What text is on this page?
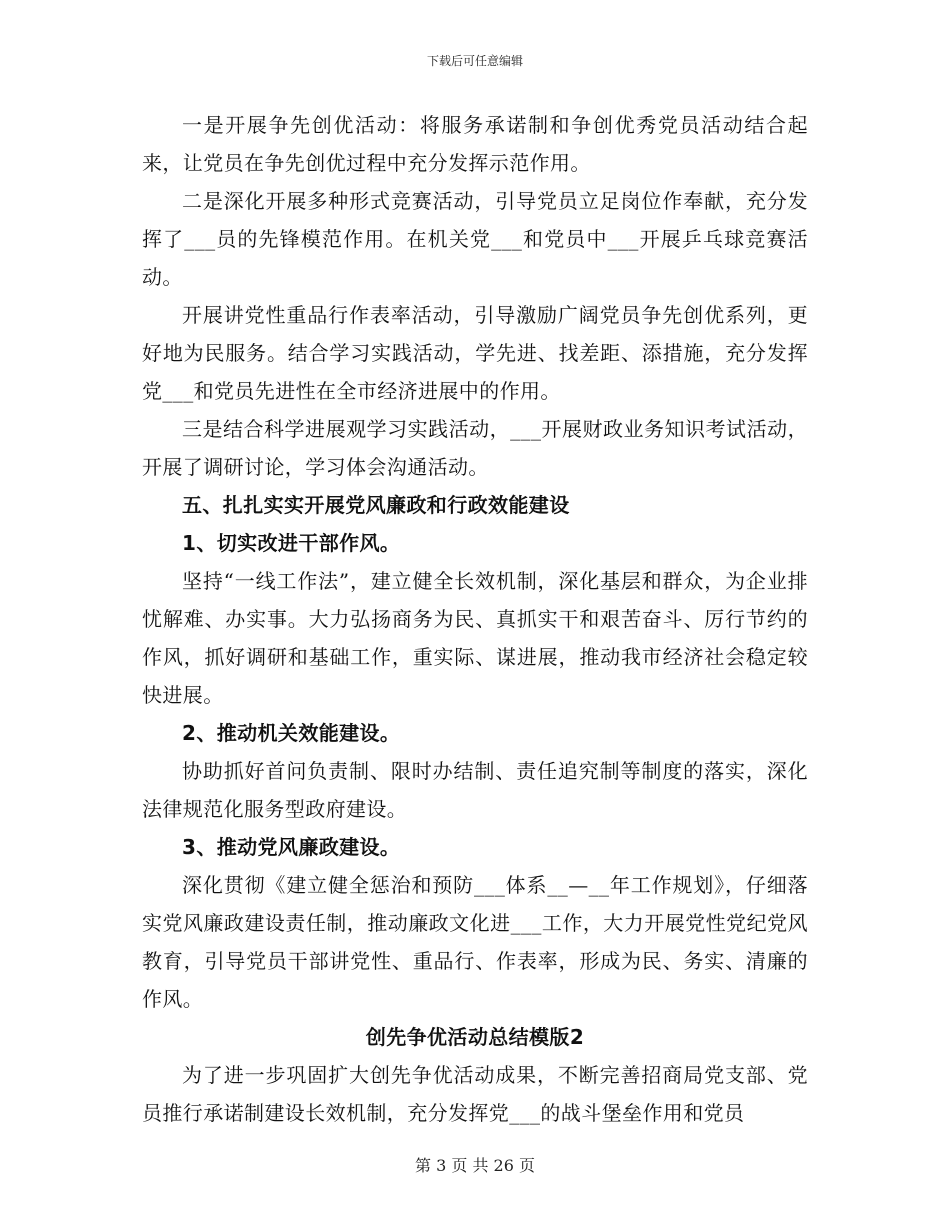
下载后可任意编辑

一是开展争先创优活动：将服务承诺制和争创优秀党员活动结合起来，让党员在争先创优过程中充分发挥示范作用。

二是深化开展多种形式竞赛活动，引导党员立足岗位作奉献，充分发挥了___员的先锋模范作用。在机关党___和党员中___开展乒乓球竞赛活动。

开展讲党性重品行作表率活动，引导激励广阔党员争先创优系列，更好地为民服务。结合学习实践活动，学先进、找差距、添措施，充分发挥党___和党员先进性在全市经济进展中的作用。

三是结合科学进展观学习实践活动，___开展财政业务知识考试活动，开展了调研讨论，学习体会沟通活动。

五、扎扎实实开展党风廉政和行政效能建设

1、切实改进干部作风。

坚持“一线工作法”，建立健全长效机制，深化基层和群众，为企业排忧解难、办实事。大力弘扬商务为民、真抓实干和艰苦奋斗、厉行节约的作风，抓好调研和基础工作，重实际、谋进展，推动我市经济社会稳定较快进展。

2、推动机关效能建设。

协助抓好首问负责制、限时办结制、责任追究制等制度的落实，深化法律规范化服务型政府建设。

3、推动党风廉政建设。

深化贯彻《建立健全惩治和预防___体系__—__年工作规划》，仔细落实党风廉政建设责任制，推动廉政文化进___工作，大力开展党性党纪党风教育，引导党员干部讲党性、重品行、作表率，形成为民、务实、清廉的作风。

创先争优活动总结模版2

为了进一步巩固扩大创先争优活动成果，不断完善招商局党支部、党员推行承诺制建设长效机制，充分发挥党___的战斗堡垒作用和党员

第 3 页 共 26 页
